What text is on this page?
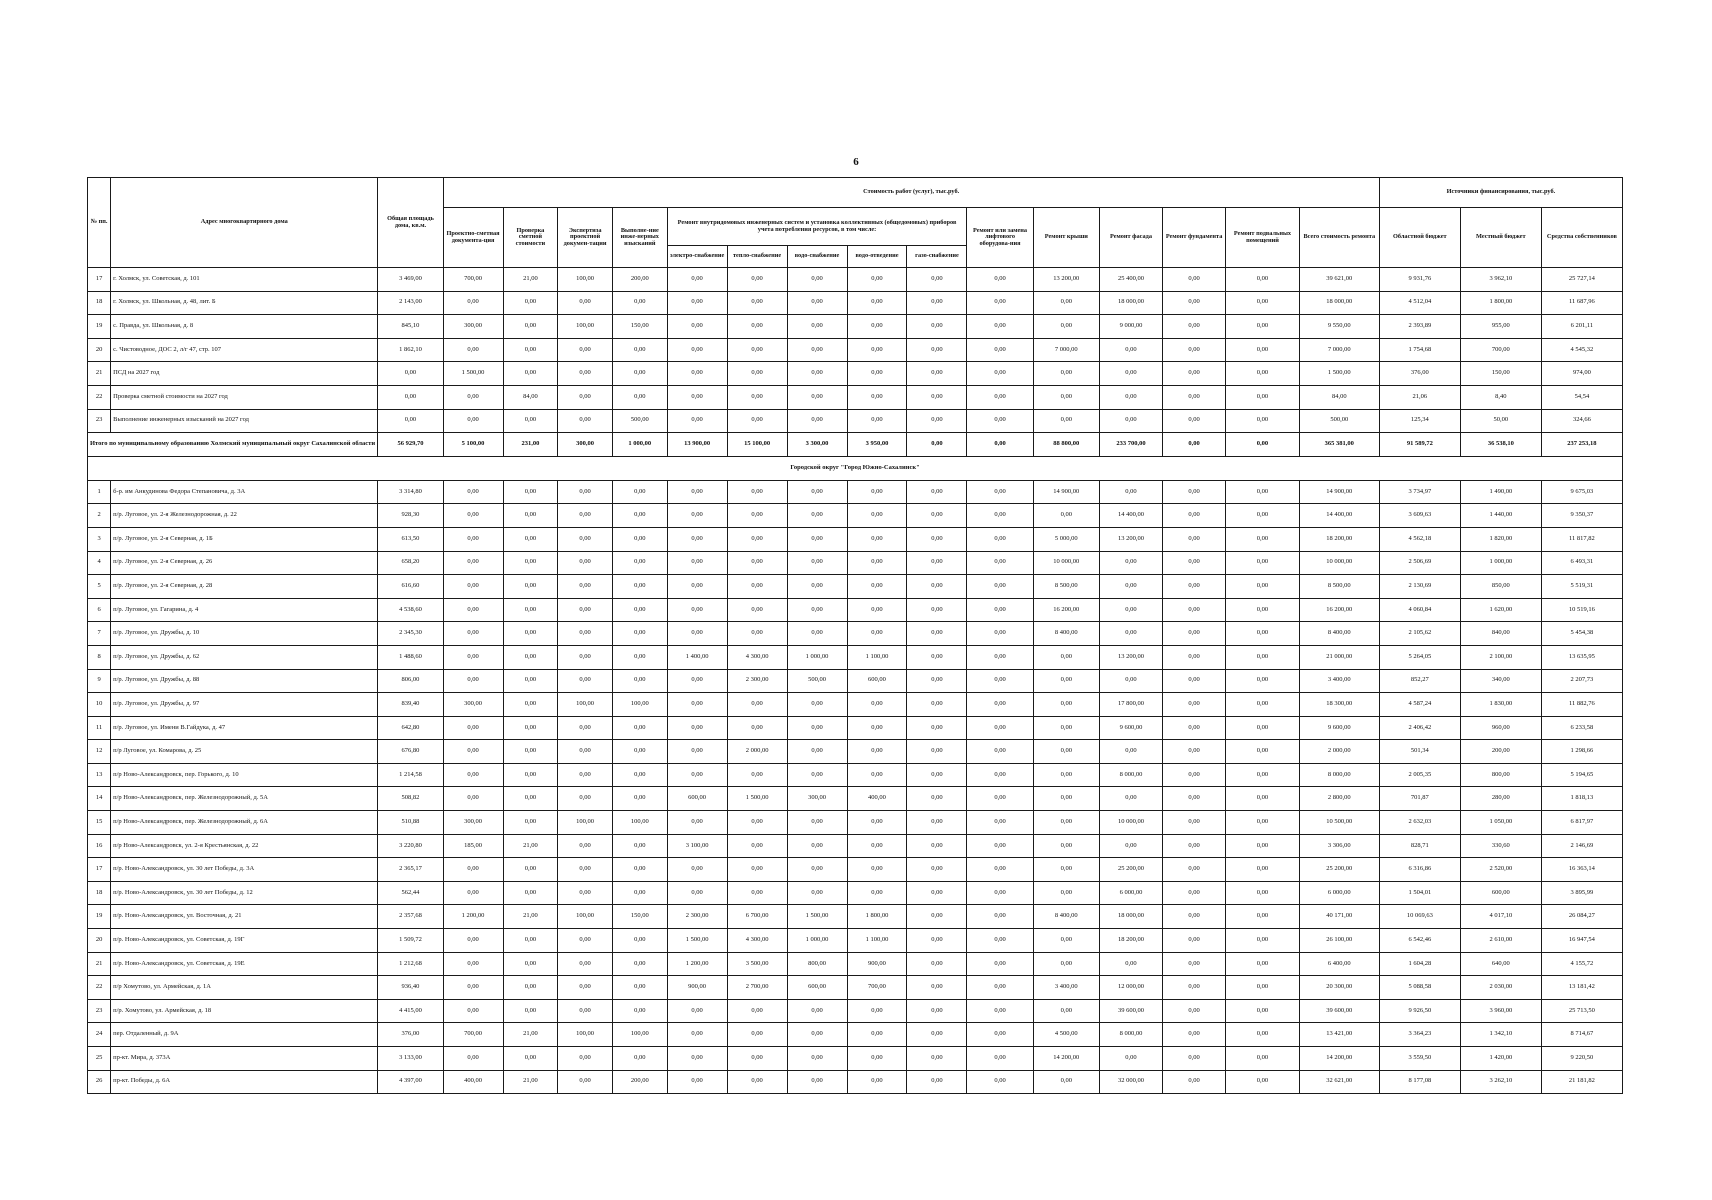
6
№ пп.	Адрес многоквартирного дома	Общая площадь дома, кв.м.	Стоимость работ (услуг), тыс.руб.															Источники финансирования, тыс.руб.		
			Проектно-сметная документа-ция	Проверка сметной стоимости	Экспертиза проектной докумен-тации	Выполне-ние инже-нерных изысканий	Ремонт внутридомовых инженерных систем и установка коллективных (общедомовых) приборов учета потребления ресурсов, в том числе:					Ремонт или замена лифтового оборудова-ния	Ремонт крыши	Ремонт фасада	Ремонт фундамента	Ремонт подвальных помещений	Всего стоимость ремонта	Областной бюджет	Местный бюджет	Средства собственников
							электро-снабжение	тепло-снабжение	водо-снабжение	водо-отведение	газо-снабжение									
17	г. Холмск, ул. Советская, д. 101	3 469,00	700,00	21,00	100,00	200,00	0,00	0,00	0,00	0,00	0,00	0,00	13 200,00	25 400,00	0,00	0,00	39 621,00	9 931,76	3 962,10	25 727,14
18	г. Холмск, ул. Школьная, д. 48, лит. Б	2 143,00	0,00	0,00	0,00	0,00	0,00	0,00	0,00	0,00	0,00	0,00	0,00	18 000,00	0,00	0,00	18 000,00	4 512,04	1 800,00	11 687,96
19	с. Правда, ул. Школьная, д. 8	845,10	300,00	0,00	100,00	150,00	0,00	0,00	0,00	0,00	0,00	0,00	0,00	9 000,00	0,00	0,00	9 550,00	2 393,89	955,00	6 201,11
20	с. Чистоводное, ДОС 2, л/г 47, стр. 107	1 862,10	0,00	0,00	0,00	0,00	0,00	0,00	0,00	0,00	0,00	0,00	7 000,00	0,00	0,00	0,00	7 000,00	1 754,68	700,00	4 545,32
21	ПСД на 2027 год	0,00	1 500,00	0,00	0,00	0,00	0,00	0,00	0,00	0,00	0,00	0,00	0,00	0,00	0,00	0,00	1 500,00	376,00	150,00	974,00
22	Проверка сметной стоимости на 2027 год	0,00	0,00	84,00	0,00	0,00	0,00	0,00	0,00	0,00	0,00	0,00	0,00	0,00	0,00	0,00	84,00	21,06	8,40	54,54
23	Выполнение инженерных изысканий на 2027 год	0,00	0,00	0,00	0,00	500,00	0,00	0,00	0,00	0,00	0,00	0,00	0,00	0,00	0,00	0,00	500,00	125,34	50,00	324,66
Итого по муниципальному образованию Холмский муниципальный округ Сахалинской области		56 929,70	5 100,00	231,00	300,00	1 000,00	13 900,00	15 100,00	3 300,00	3 950,00	0,00	0,00	88 800,00	233 700,00	0,00	0,00	365 381,00	91 589,72	36 538,10	237 253,18
Городской округ "Город Южно-Сахалинск"																				
1	б-р. им Анкудинова Федора Степановича, д. 3А	3 314,80	0,00	0,00	0,00	0,00	0,00	0,00	0,00	0,00	0,00	0,00	14 900,00	0,00	0,00	0,00	14 900,00	3 734,97	1 490,00	9 675,03
2	п/р. Луговое, ул. 2-я Железнодорожная, д. 22	928,30	0,00	0,00	0,00	0,00	0,00	0,00	0,00	0,00	0,00	0,00	0,00	14 400,00	0,00	0,00	14 400,00	3 609,63	1 440,00	9 350,37
3	п/р. Луговое, ул. 2-я Северная, д. 1Б	613,50	0,00	0,00	0,00	0,00	0,00	0,00	0,00	0,00	0,00	0,00	5 000,00	13 200,00	0,00	0,00	18 200,00	4 562,18	1 820,00	11 817,82
4	п/р. Луговое, ул. 2-я Северная, д. 26	658,20	0,00	0,00	0,00	0,00	0,00	0,00	0,00	0,00	0,00	0,00	10 000,00	0,00	0,00	0,00	10 000,00	2 506,69	1 000,00	6 493,31
5	п/р. Луговое, ул. 2-я Северная, д. 28	616,60	0,00	0,00	0,00	0,00	0,00	0,00	0,00	0,00	0,00	0,00	8 500,00	0,00	0,00	0,00	8 500,00	2 130,69	850,00	5 519,31
6	п/р. Луговое, ул. Гагарина, д. 4	4 538,60	0,00	0,00	0,00	0,00	0,00	0,00	0,00	0,00	0,00	0,00	16 200,00	0,00	0,00	0,00	16 200,00	4 060,84	1 620,00	10 519,16
7	п/р. Луговое, ул. Дружбы, д. 10	2 345,30	0,00	0,00	0,00	0,00	0,00	0,00	0,00	0,00	0,00	0,00	8 400,00	0,00	0,00	0,00	8 400,00	2 105,62	840,00	5 454,38
8	п/р. Луговое, ул. Дружбы, д. 62	1 488,60	0,00	0,00	0,00	0,00	1 400,00	4 300,00	1 000,00	1 100,00	0,00	0,00	0,00	13 200,00	0,00	0,00	21 000,00	5 264,05	2 100,00	13 635,95
9	п/р. Луговое, ул. Дружбы, д. 88	806,00	0,00	0,00	0,00	0,00	0,00	2 300,00	500,00	600,00	0,00	0,00	0,00	0,00	0,00	0,00	3 400,00	852,27	340,00	2 207,73
10	п/р. Луговое, ул. Дружбы, д. 97	839,40	300,00	0,00	100,00	100,00	0,00	0,00	0,00	0,00	0,00	0,00	0,00	17 800,00	0,00	0,00	18 300,00	4 587,24	1 830,00	11 882,76
11	п/р. Луговое, ул. Имени В.Гайдука, д. 47	642,80	0,00	0,00	0,00	0,00	0,00	0,00	0,00	0,00	0,00	0,00	0,00	9 600,00	0,00	0,00	9 600,00	2 406,42	960,00	6 233,58
12	п/р Луговое, ул. Комарова, д. 25	676,80	0,00	0,00	0,00	0,00	0,00	2 000,00	0,00	0,00	0,00	0,00	0,00	0,00	0,00	0,00	2 000,00	501,34	200,00	1 298,66
13	п/р Ново-Александровск, пер. Горького, д. 10	1 214,58	0,00	0,00	0,00	0,00	0,00	0,00	0,00	0,00	0,00	0,00	0,00	8 000,00	0,00	0,00	8 000,00	2 005,35	800,00	5 194,65
14	п/р Ново-Александровск, пер. Железнодорожный, д. 5А	508,82	0,00	0,00	0,00	0,00	600,00	1 500,00	300,00	400,00	0,00	0,00	0,00	0,00	0,00	0,00	2 800,00	701,87	280,00	1 818,13
15	п/р Ново-Александровск, пер. Железнодорожный, д. 6А	510,88	300,00	0,00	100,00	100,00	0,00	0,00	0,00	0,00	0,00	0,00	0,00	10 000,00	0,00	0,00	10 500,00	2 632,03	1 050,00	6 817,97
16	п/р Ново-Александровск, ул. 2-я Крестьянская, д. 22	3 220,80	185,00	21,00	0,00	0,00	3 100,00	0,00	0,00	0,00	0,00	0,00	0,00	0,00	0,00	0,00	3 306,00	828,71	330,60	2 146,69
17	п/р. Ново-Александровск, ул. 30 лет Победы, д. 3А	2 365,17	0,00	0,00	0,00	0,00	0,00	0,00	0,00	0,00	0,00	0,00	0,00	25 200,00	0,00	0,00	25 200,00	6 316,86	2 520,00	16 363,14
18	п/р. Ново-Александровск, ул. 30 лет Победы, д. 12	562,44	0,00	0,00	0,00	0,00	0,00	0,00	0,00	0,00	0,00	0,00	0,00	6 000,00	0,00	0,00	6 000,00	1 504,01	600,00	3 895,99
19	п/р. Ново-Александровск, ул. Восточная, д. 21	2 357,68	1 200,00	21,00	100,00	150,00	2 300,00	6 700,00	1 500,00	1 800,00	0,00	0,00	8 400,00	18 000,00	0,00	0,00	40 171,00	10 069,63	4 017,10	26 084,27
20	п/р. Ново-Александровск, ул. Советская, д. 19Г	1 509,72	0,00	0,00	0,00	0,00	1 500,00	4 300,00	1 000,00	1 100,00	0,00	0,00	0,00	18 200,00	0,00	0,00	26 100,00	6 542,46	2 610,00	16 947,54
21	п/р. Ново-Александровск, ул. Советская, д. 19Е	1 212,68	0,00	0,00	0,00	0,00	1 200,00	3 500,00	800,00	900,00	0,00	0,00	0,00	0,00	0,00	0,00	6 400,00	1 604,28	640,00	4 155,72
22	п/р Хомутово, ул. Армейская, д. 1А	936,40	0,00	0,00	0,00	0,00	900,00	2 700,00	600,00	700,00	0,00	0,00	3 400,00	12 000,00	0,00	0,00	20 300,00	5 088,58	2 030,00	13 181,42
23	п/р. Хомутово, ул. Армейская, д. 18	4 415,00	0,00	0,00	0,00	0,00	0,00	0,00	0,00	0,00	0,00	0,00	0,00	39 600,00	0,00	0,00	39 600,00	9 926,50	3 960,00	25 713,50
24	пер. Отдаленный, д. 9А	376,00	700,00	21,00	100,00	100,00	0,00	0,00	0,00	0,00	0,00	0,00	4 500,00	8 000,00	0,00	0,00	13 421,00	3 364,23	1 342,10	8 714,67
25	пр-кт. Мира, д. 373А	3 133,00	0,00	0,00	0,00	0,00	0,00	0,00	0,00	0,00	0,00	0,00	14 200,00	0,00	0,00	0,00	14 200,00	3 559,50	1 420,00	9 220,50
26	пр-кт. Победы, д. 6А	4 397,00	400,00	21,00	0,00	200,00	0,00	0,00	0,00	0,00	0,00	0,00	0,00	32 000,00	0,00	0,00	32 621,00	8 177,08	3 262,10	21 181,82
